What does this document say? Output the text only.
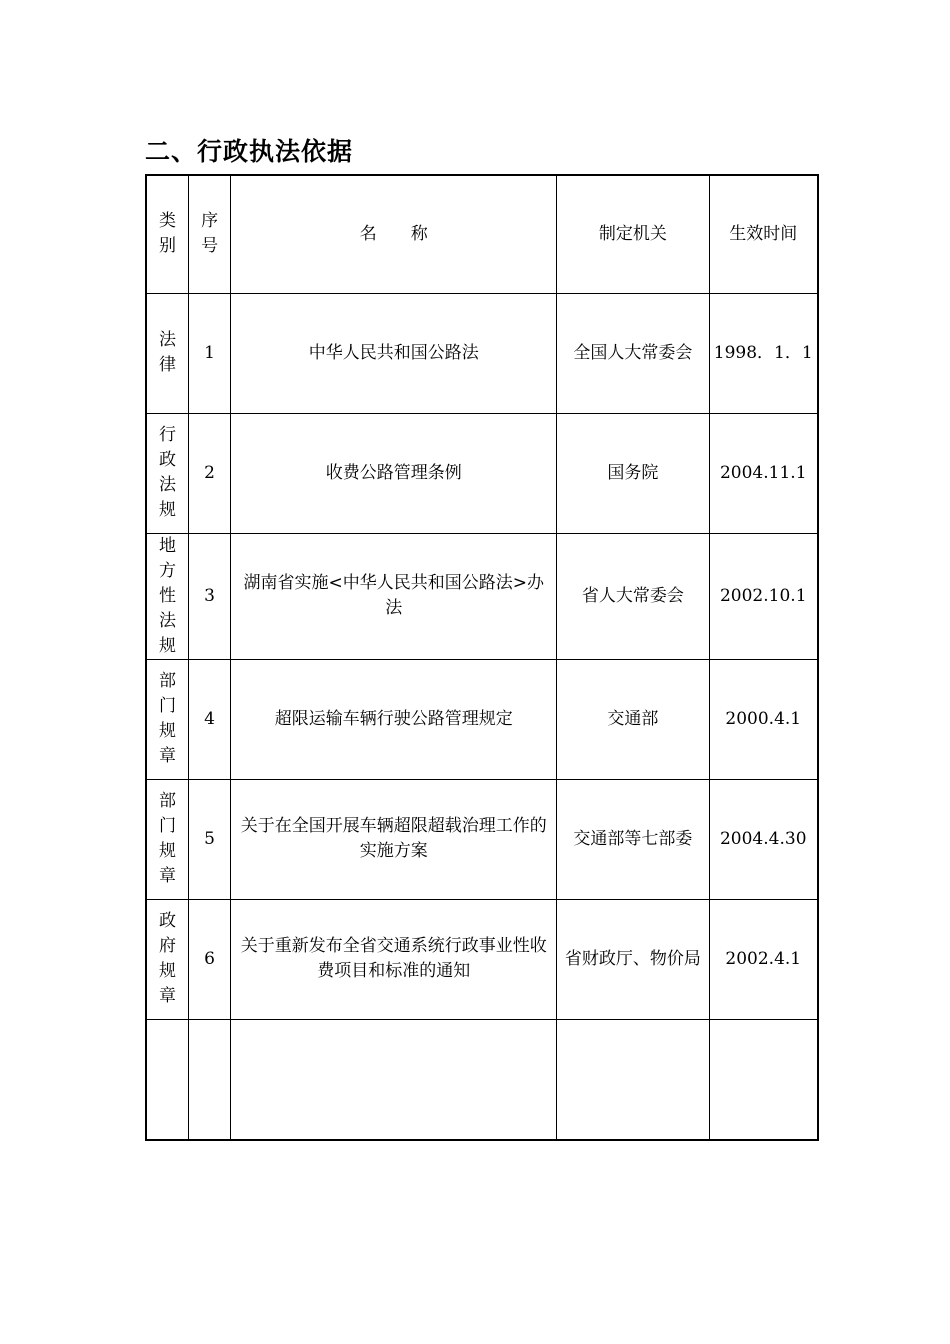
二、行政执法依据
类别	序号	名　　称	制定机关	生效时间

法律	1	中华人民共和国公路法	全国人大常委会	1998．1．1

行政法规	2	收费公路管理条例	国务院	2004.11.1

地方性法规	3	湖南省实施<中华人民共和国公路法>办法	省人大常委会	2002.10.1

部门规章	4	超限运输车辆行驶公路管理规定	交通部	2000.4.1

部门规章	5	关于在全国开展车辆超限超载治理工作的实施方案	交通部等七部委	2004.4.30

政府规章	6	关于重新发布全省交通系统行政事业性收费项目和标准的通知	省财政厅、物价局	2002.4.1
